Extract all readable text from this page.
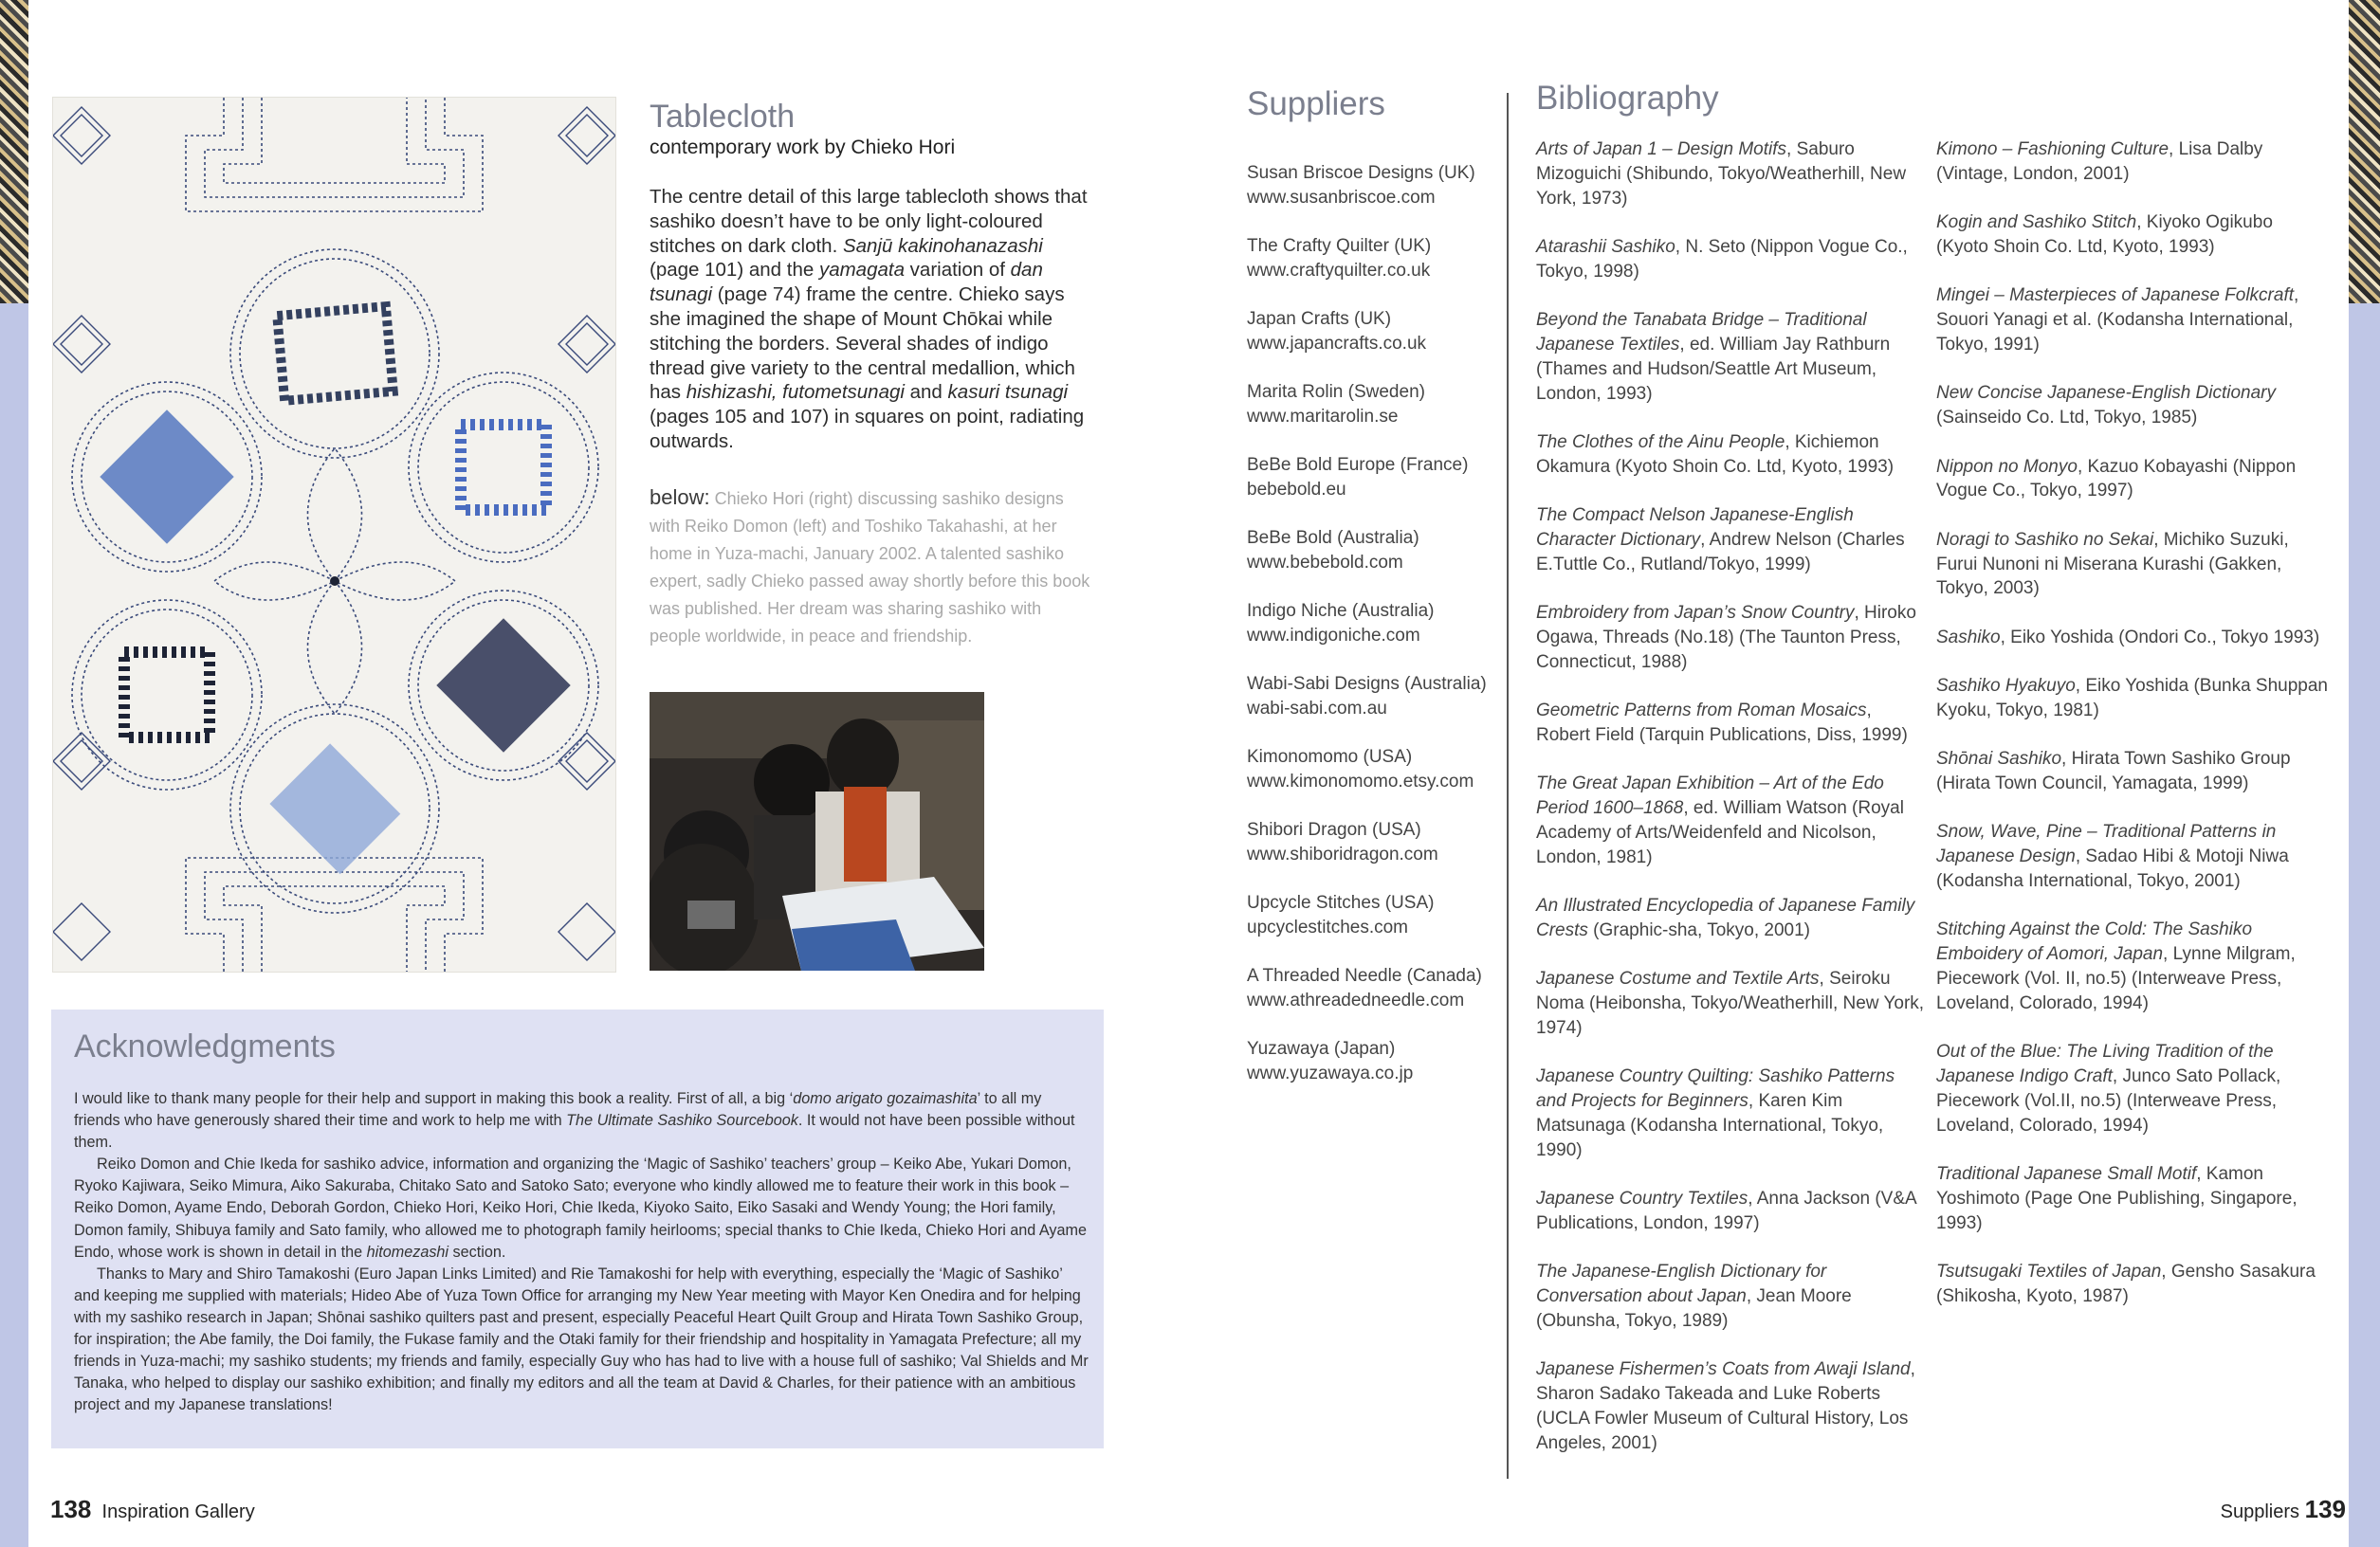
Tablecloth
contemporary work by Chieko Hori

The centre detail of this large tablecloth shows that sashiko doesn’t have to be only light-coloured stitches on dark cloth. Sanjū kakinohanazashi (page 101) and the yamagata variation of dan tsunagi (page 74) frame the centre. Chieko says she imagined the shape of Mount Chōkai while stitching the borders. Several shades of indigo thread give variety to the central medallion, which has hishizashi, futometsunagi and kasuri tsunagi (pages 105 and 107) in squares on point, radiating outwards.

below: Chieko Hori (right) discussing sashiko designs with Reiko Domon (left) and Toshiko Takahashi, at her home in Yuza-machi, January 2002. A talented sashiko expert, sadly Chieko passed away shortly before this book was published. Her dream was sharing sashiko with people worldwide, in peace and friendship.
Acknowledgments

I would like to thank many people for their help and support in making this book a reality. First of all, a big ‘domo arigato gozaimashita’ to all my friends who have generously shared their time and work to help me with The Ultimate Sashiko Sourcebook. It would not have been possible without them.

Reiko Domon and Chie Ikeda for sashiko advice, information and organizing the ‘Magic of Sashiko’ teachers’ group – Keiko Abe, Yukari Domon, Ryoko Kajiwara, Seiko Mimura, Aiko Sakuraba, Chitako Sato and Satoko Sato; everyone who kindly allowed me to feature their work in this book – Reiko Domon, Ayame Endo, Deborah Gordon, Chieko Hori, Keiko Hori, Chie Ikeda, Kiyoko Saito, Eiko Sasaki and Wendy Young; the Hori family, Domon family, Shibuya family and Sato family, who allowed me to photograph family heirlooms; special thanks to Chie Ikeda, Chieko Hori and Ayame Endo, whose work is shown in detail in the hitomezashi section.

Thanks to Mary and Shiro Tamakoshi (Euro Japan Links Limited) and Rie Tamakoshi for help with everything, especially the ‘Magic of Sashiko’ and keeping me supplied with materials; Hideo Abe of Yuza Town Office for arranging my New Year meeting with Mayor Ken Onedira and for helping with my sashiko research in Japan; Shōnai sashiko quilters past and present, especially Peaceful Heart Quilt Group and Hirata Town Sashiko Group, for inspiration; the Abe family, the Doi family, the Fukase family and the Otaki family for their friendship and hospitality in Yamagata Prefecture; all my friends in Yuza-machi; my sashiko students; my friends and family, especially Guy who has had to live with a house full of sashiko; Val Shields and Mr Tanaka, who helped to display our sashiko exhibition; and finally my editors and all the team at David & Charles, for their patience with an ambitious project and my Japanese translations!

138 Inspiration Gallery
Suppliers
Susan Briscoe Designs (UK)
www.susanbriscoe.com
The Crafty Quilter (UK)
www.craftyquilter.co.uk
Japan Crafts (UK)
www.japancrafts.co.uk
Marita Rolin (Sweden)
www.maritarolin.se
BeBe Bold Europe (France)
bebebold.eu
BeBe Bold (Australia)
www.bebebold.com
Indigo Niche (Australia)
www.indigoniche.com
Wabi-Sabi Designs (Australia)
wabi-sabi.com.au
Kimonomomo (USA)
www.kimonomomo.etsy.com
Shibori Dragon (USA)
www.shiboridragon.com
Upcycle Stitches (USA)
upcyclestitches.com
A Threaded Needle (Canada)
www.athreadedneedle.com
Yuzawaya (Japan)
www.yuzawaya.co.jp
Bibliography
Arts of Japan 1 – Design Motifs, Saburo Mizoguichi (Shibundo, Tokyo/Weatherhill, New York, 1973)
Atarashii Sashiko, N. Seto (Nippon Vogue Co., Tokyo, 1998)
Beyond the Tanabata Bridge – Traditional Japanese Textiles, ed. William Jay Rathburn (Thames and Hudson/Seattle Art Museum, London, 1993)
The Clothes of the Ainu People, Kichiemon Okamura (Kyoto Shoin Co. Ltd, Kyoto, 1993)
The Compact Nelson Japanese-English Character Dictionary, Andrew Nelson (Charles E.Tuttle Co., Rutland/Tokyo, 1999)
Embroidery from Japan’s Snow Country, Hiroko Ogawa, Threads (No.18) (The Taunton Press, Connecticut, 1988)
Geometric Patterns from Roman Mosaics, Robert Field (Tarquin Publications, Diss, 1999)
The Great Japan Exhibition – Art of the Edo Period 1600–1868, ed. William Watson (Royal Academy of Arts/Weidenfeld and Nicolson, London, 1981)
An Illustrated Encyclopedia of Japanese Family Crests (Graphic-sha, Tokyo, 2001)
Japanese Costume and Textile Arts, Seiroku Noma (Heibonsha, Tokyo/Weatherhill, New York, 1974)
Japanese Country Quilting: Sashiko Patterns and Projects for Beginners, Karen Kim Matsunaga (Kodansha International, Tokyo, 1990)
Japanese Country Textiles, Anna Jackson (V&A Publications, London, 1997)
The Japanese-English Dictionary for Conversation about Japan, Jean Moore (Obunsha, Tokyo, 1989)
Japanese Fishermen’s Coats from Awaji Island, Sharon Sadako Takeada and Luke Roberts (UCLA Fowler Museum of Cultural History, Los Angeles, 2001)
Kimono – Fashioning Culture, Lisa Dalby (Vintage, London, 2001)
Kogin and Sashiko Stitch, Kiyoko Ogikubo (Kyoto Shoin Co. Ltd, Kyoto, 1993)
Mingei – Masterpieces of Japanese Folkcraft, Souori Yanagi et al. (Kodansha International, Tokyo, 1991)
New Concise Japanese-English Dictionary (Sainseido Co. Ltd, Tokyo, 1985)
Nippon no Monyo, Kazuo Kobayashi (Nippon Vogue Co., Tokyo, 1997)
Noragi to Sashiko no Sekai, Michiko Suzuki, Furui Nunoni ni Miserana Kurashi (Gakken, Tokyo, 2003)
Sashiko, Eiko Yoshida (Ondori Co., Tokyo 1993)
Sashiko Hyakuyo, Eiko Yoshida (Bunka Shuppan Kyoku, Tokyo, 1981)
Shōnai Sashiko, Hirata Town Sashiko Group (Hirata Town Council, Yamagata, 1999)
Snow, Wave, Pine – Traditional Patterns in Japanese Design, Sadao Hibi & Motoji Niwa (Kodansha International, Tokyo, 2001)
Stitching Against the Cold: The Sashiko Emboidery of Aomori, Japan, Lynne Milgram, Piecework (Vol. II, no.5) (Interweave Press, Loveland, Colorado, 1994)
Out of the Blue: The Living Tradition of the Japanese Indigo Craft, Junco Sato Pollack, Piecework (Vol.II, no.5) (Interweave Press, Loveland, Colorado, 1994)
Traditional Japanese Small Motif, Kamon Yoshimoto (Page One Publishing, Singapore, 1993)
Tsutsugaki Textiles of Japan, Gensho Sasakura (Shikosha, Kyoto, 1987)
Suppliers 139
